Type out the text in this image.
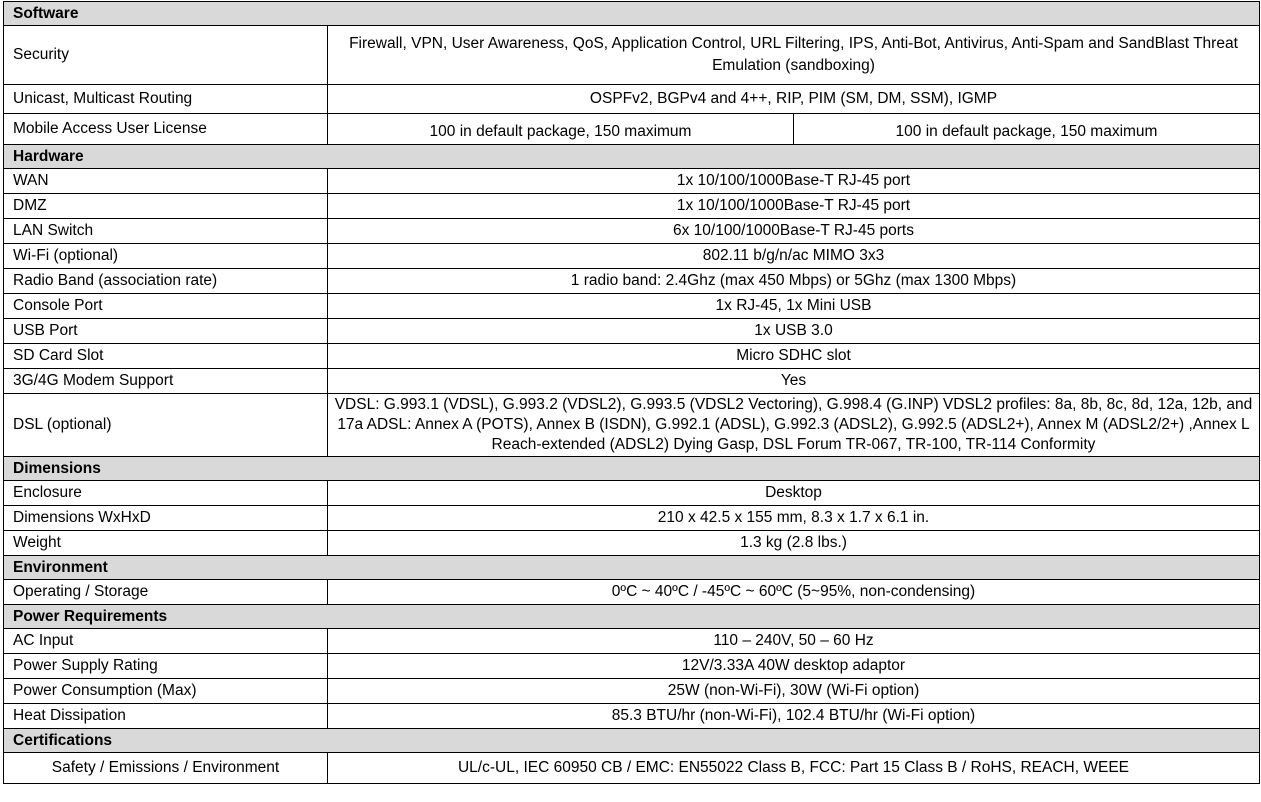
Software		
Security	Firewall, VPN, User Awareness, QoS, Application Control, URL Filtering, IPS, Anti-Bot, Antivirus, Anti-Spam and SandBlast Threat Emulation (sandboxing)	
Unicast, Multicast Routing	OSPFv2, BGPv4 and 4++, RIP, PIM (SM, DM, SSM), IGMP	
Mobile Access User License	100 in default package, 150 maximum	100 in default package, 150 maximum
Hardware		
WAN	1x 10/100/1000Base-T RJ-45 port	
DMZ	1x 10/100/1000Base-T RJ-45 port	
LAN Switch	6x 10/100/1000Base-T RJ-45 ports	
Wi-Fi (optional)	802.11 b/g/n/ac MIMO 3x3	
Radio Band (association rate)	1 radio band: 2.4Ghz (max 450 Mbps) or 5Ghz (max 1300 Mbps)	
Console Port	1x RJ-45, 1x Mini USB	
USB Port	1x USB 3.0	
SD Card Slot	Micro SDHC slot	
3G/4G Modem Support	Yes	
DSL (optional)	VDSL: G.993.1 (VDSL), G.993.2 (VDSL2), G.993.5 (VDSL2 Vectoring), G.998.4 (G.INP) VDSL2 profiles: 8a, 8b, 8c, 8d, 12a, 12b, and 17a ADSL: Annex A (POTS), Annex B (ISDN), G.992.1 (ADSL), G.992.3 (ADSL2), G.992.5 (ADSL2+), Annex M (ADSL2/2+) ,Annex L Reach-extended (ADSL2) Dying Gasp, DSL Forum TR-067, TR-100, TR-114 Conformity	
Dimensions		
Enclosure	Desktop	
Dimensions WxHxD	210 x 42.5 x 155 mm, 8.3 x 1.7 x 6.1 in.	
Weight	1.3 kg (2.8 lbs.)	
Environment		
Operating / Storage	0ºC ~ 40ºC / -45ºC ~ 60ºC (5~95%, non-condensing)	
Power Requirements		
AC Input	110 – 240V, 50 – 60 Hz	
Power Supply Rating	12V/3.33A 40W desktop adaptor	
Power Consumption (Max)	25W (non-Wi-Fi), 30W (Wi-Fi option)	
Heat Dissipation	85.3 BTU/hr (non-Wi-Fi), 102.4 BTU/hr (Wi-Fi option)	
Certifications		
Safety / Emissions / Environment	UL/c-UL, IEC 60950 CB / EMC: EN55022 Class B, FCC: Part 15 Class B / RoHS, REACH, WEEE	
